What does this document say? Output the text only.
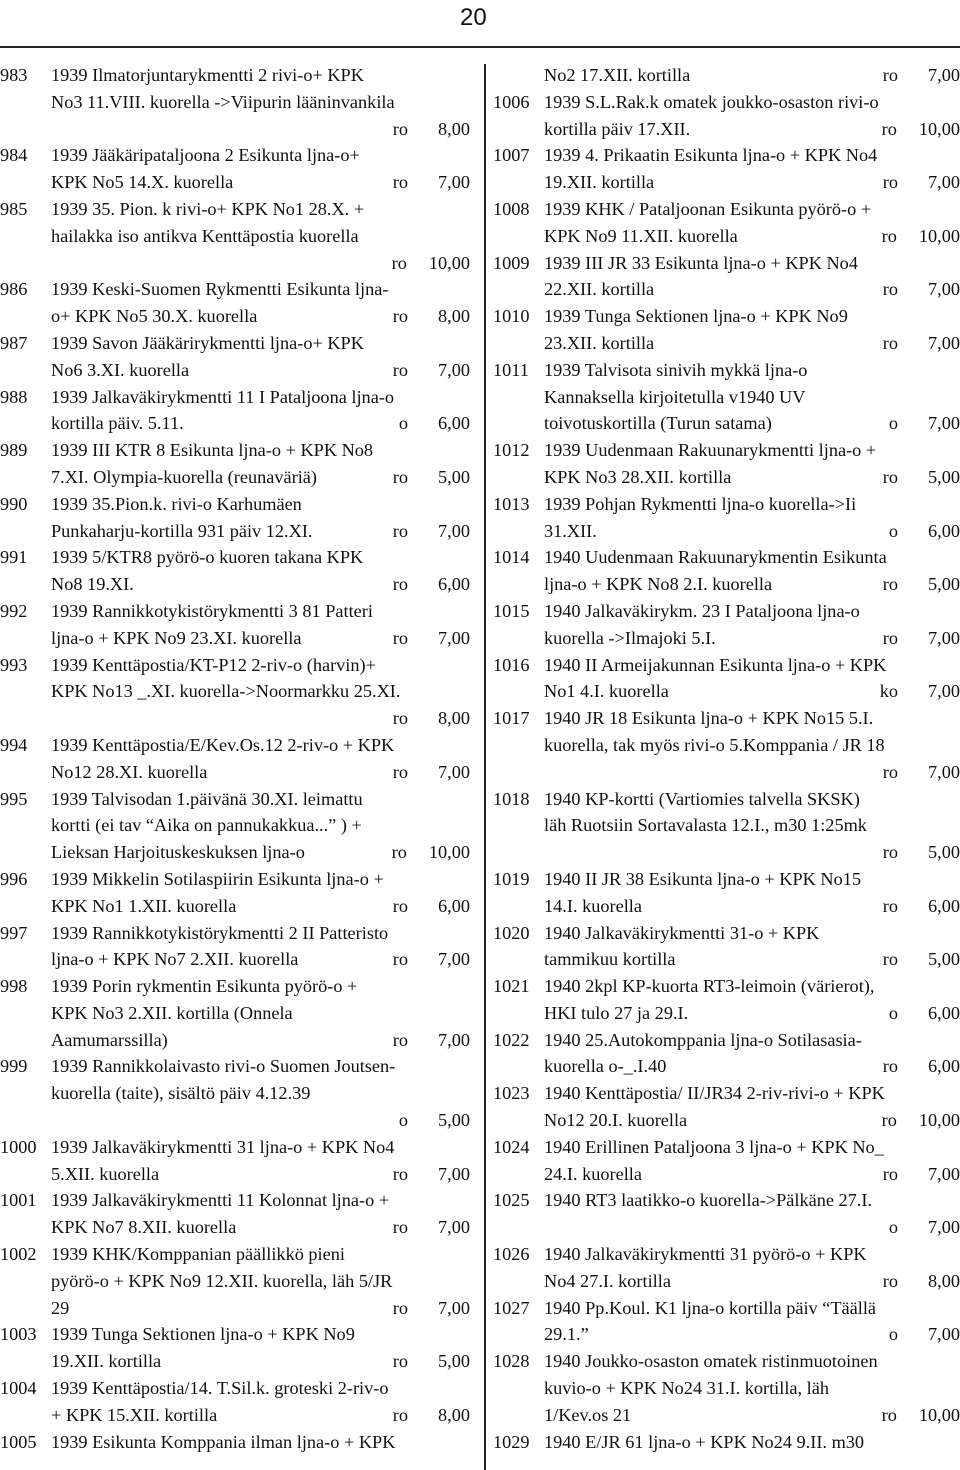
20
983	1939 Ilmatorjuntarykmentti 2 rivi-o+ KPK
No3 11.VIII. kuorella ->Viipurin lääninvankila
ro 8,00
984	1939 Jääkäripataljoona 2 Esikunta ljna-o+
KPK No5 14.X. kuorella	ro 7,00
985	1939 35. Pion. k rivi-o+ KPK No1 28.X. +
hailakka iso antikva Kenttäpostia kuorella
ro 10,00
986	1939 Keski-Suomen Rykmentti Esikunta ljna-
o+ KPK No5 30.X. kuorella	ro 8,00
987	1939 Savon Jääkärirykmentti ljna-o+ KPK
No6 3.XI. kuorella	ro 7,00
988	1939 Jalkaväkirykmentti 11 I Pataljoona ljna-o
kortilla päiv. 5.11.	o 6,00
989	1939 III KTR 8 Esikunta ljna-o + KPK No8
7.XI. Olympia-kuorella (reunaväriä)	ro 5,00
990	1939 35.Pion.k. rivi-o Karhumäen
Punkaharju-kortilla 931 päiv 12.XI.	ro 7,00
991	1939 5/KTR8 pyörö-o kuoren takana KPK
No8 19.XI.	ro 6,00
992	1939 Rannikkotykistörykmentti 3 81 Patteri
ljna-o + KPK No9 23.XI. kuorella	ro 7,00
993	1939 Kenttäpostia/KT-P12 2-riv-o (harvin)+
KPK No13 _.XI. kuorella->Noormarkku 25.XI.
ro 8,00
994	1939 Kenttäpostia/E/Kev.Os.12 2-riv-o + KPK
No12 28.XI. kuorella	ro 7,00
995	1939 Talvisodan 1.päivänä 30.XI. leimattu
kortti (ei tav “Aika on pannukakkua...” ) +
Lieksan Harjoituskeskuksen ljna-o	ro 10,00
996	1939 Mikkelin Sotilaspiirin Esikunta ljna-o +
KPK No1 1.XII. kuorella	ro 6,00
997	1939 Rannikkotykistörykmentti 2 II Patteristo
ljna-o + KPK No7 2.XII. kuorella	ro 7,00
998	1939 Porin rykmentin Esikunta pyörö-o +
KPK No3 2.XII. kortilla (Onnela
Aamumarssilla)	ro 7,00
999	1939 Rannikkolaivasto rivi-o Suomen Joutsen-
kuorella (taite), sisältö päiv 4.12.39
o 5,00
1000 1939 Jalkaväkirykmentti 31 ljna-o + KPK No4
5.XII. kuorella	ro 7,00
1001 1939 Jalkaväkirykmentti 11 Kolonnat ljna-o +
KPK No7 8.XII. kuorella	ro 7,00
1002 1939 KHK/Komppanian päällikkö pieni
pyörö-o + KPK No9 12.XII. kuorella, läh 5/JR
29	ro 7,00
1003 1939 Tunga Sektionen ljna-o + KPK No9
19.XII. kortilla	ro 5,00
1004 1939 Kenttäpostia/14. T.Sil.k. groteski 2-riv-o
+ KPK 15.XII. kortilla	ro 8,00
1005 1939 Esikunta Komppania ilman ljna-o + KPK
No2 17.XII. kortilla	ro 7,00
1006 1939 S.L.Rak.k omatek joukko-osaston rivi-o
kortilla päiv 17.XII.	ro 10,00
1007 1939 4. Prikaatin Esikunta ljna-o + KPK No4
19.XII. kortilla	ro 7,00
1008 1939 KHK / Pataljoonan Esikunta pyörö-o +
KPK No9 11.XII. kuorella	ro 10,00
1009 1939 III JR 33 Esikunta ljna-o + KPK No4
22.XII. kortilla	ro 7,00
1010 1939 Tunga Sektionen ljna-o + KPK No9
23.XII. kortilla	ro 7,00
1011 1939 Talvisota sinivih mykkä ljna-o
Kannaksella kirjoitetulla v1940 UV
toivotuskortilla (Turun satama)	o 7,00
1012 1939 Uudenmaan Rakuunarykmentti ljna-o +
KPK No3 28.XII. kortilla	ro 5,00
1013 1939 Pohjan Rykmentti ljna-o kuorella->Ii
31.XII.	o 6,00
1014 1940 Uudenmaan Rakuunarykmentin Esikunta
ljna-o + KPK No8 2.I. kuorella	ro 5,00
1015 1940 Jalkaväkirykm. 23 I Pataljoona ljna-o
kuorella ->Ilmajoki 5.I.	ro 7,00
1016 1940 II Armeijakunnan Esikunta ljna-o + KPK
No1 4.I. kuorella	ko 7,00
1017 1940 JR 18 Esikunta ljna-o + KPK No15 5.I.
kuorella, tak myös rivi-o 5.Komppania / JR 18
ro 7,00
1018 1940 KP-kortti (Vartiomies talvella SKSK)
läh Ruotsiin Sortavalasta 12.I., m30 1:25mk
ro 5,00
1019 1940 II JR 38 Esikunta ljna-o + KPK No15
14.I. kuorella	ro 6,00
1020 1940 Jalkaväkirykmentti 31-o + KPK
tammikuu kortilla	ro 5,00
1021 1940 2kpl KP-kuorta RT3-leimoin (värierot),
HKI tulo 27 ja 29.I.	o 6,00
1022 1940 25.Autokomppania ljna-o Sotilasasia-
kuorella o-_.I.40	ro 6,00
1023 1940 Kenttäpostia/ II/JR34 2-riv-rivi-o + KPK
No12 20.I. kuorella	ro 10,00
1024 1940 Erillinen Pataljoona 3 ljna-o + KPK No_
24.I. kuorella	ro 7,00
1025 1940 RT3 laatikko-o kuorella->Pälkäne 27.I.
o 7,00
1026 1940 Jalkaväkirykmentti 31 pyörö-o + KPK
No4 27.I. kortilla	ro 8,00
1027 1940 Pp.Koul. K1 ljna-o kortilla päiv “Täällä
29.1.”	o 7,00
1028 1940 Joukko-osaston omatek ristinmuotoinen
kuvio-o + KPK No24 31.I. kortilla, läh
1/Kev.os 21	ro 10,00
1029 1940 E/JR 61 ljna-o + KPK No24 9.II. m30
